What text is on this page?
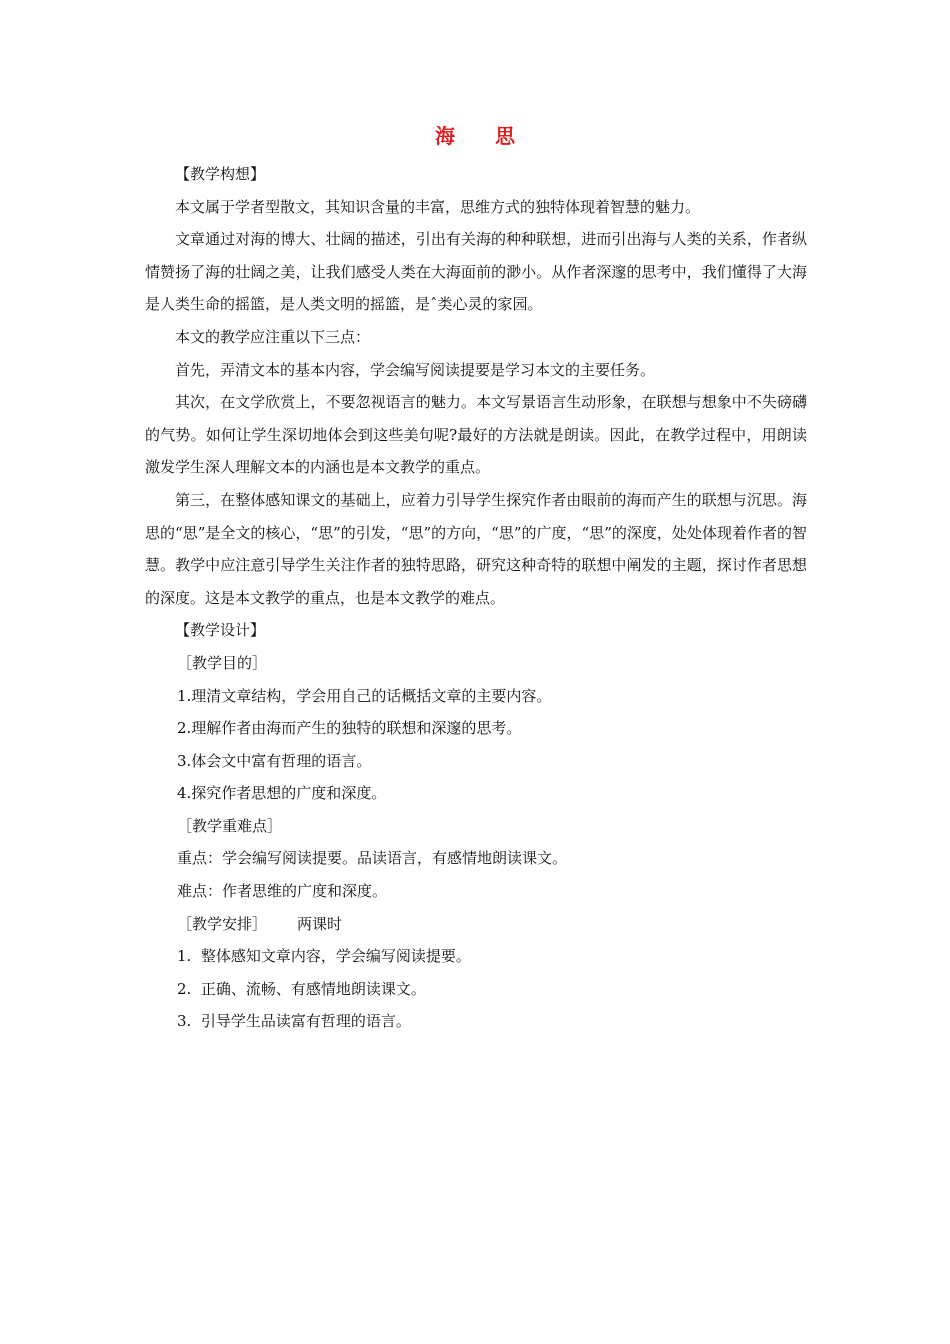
海 思

【教学构想】

本文属于学者型散文，其知识含量的丰富，思维方式的独特体现着智慧的魅力。

文章通过对海的博大、壮阔的描述，引出有关海的种种联想，进而引出海与人类的关系，作者纵情赞扬了海的壮阔之美，让我们感受人类在大海面前的渺小。从作者深邃的思考中，我们懂得了大海是人类生命的摇篮，是人类文明的摇篮，是ˆ类心灵的家园。

本文的教学应注重以下三点：

首先，弄清文本的基本内容，学会编写阅读提要是学习本文的主要任务。

其次，在文学欣赏上，不要忽视语言的魅力。本文写景语言生动形象，在联想与想象中不失磅礴的气势。如何让学生深切地体会到这些美句呢?最好的方法就是朗读。因此，在教学过程中，用朗读激发学生深人理解文本的内涵也是本文教学的重点。

第三，在整体感知课文的基础上，应着力引导学生探究作者由眼前的海而产生的联想与沉思。海思的“思”是全文的核心，“思”的引发，“思”的方向，“思”的广度，“思”的深度，处处体现着作者的智慧。教学中应注意引导学生关注作者的独特思路，研究这种奇特的联想中阐发的主题，探讨作者思想的深度。这是本文教学的重点，也是本文教学的难点。

【教学设计】

［教学目的］

1.理清文章结构，学会用自己的话概括文章的主要内容。

2.理解作者由海而产生的独特的联想和深邃的思考。

3.体会文中富有哲理的语言。

4.探究作者思想的广度和深度。

［教学重难点］

重点：学会编写阅读提要。品读语言，有感情地朗读课文。

难点：作者思维的广度和深度。

［教学安排］ 两课时

1.  整体感知文章内容，学会编写阅读提要。

2.  正确、流畅、有感情地朗读课文。

3.  引导学生品读富有哲理的语言。
